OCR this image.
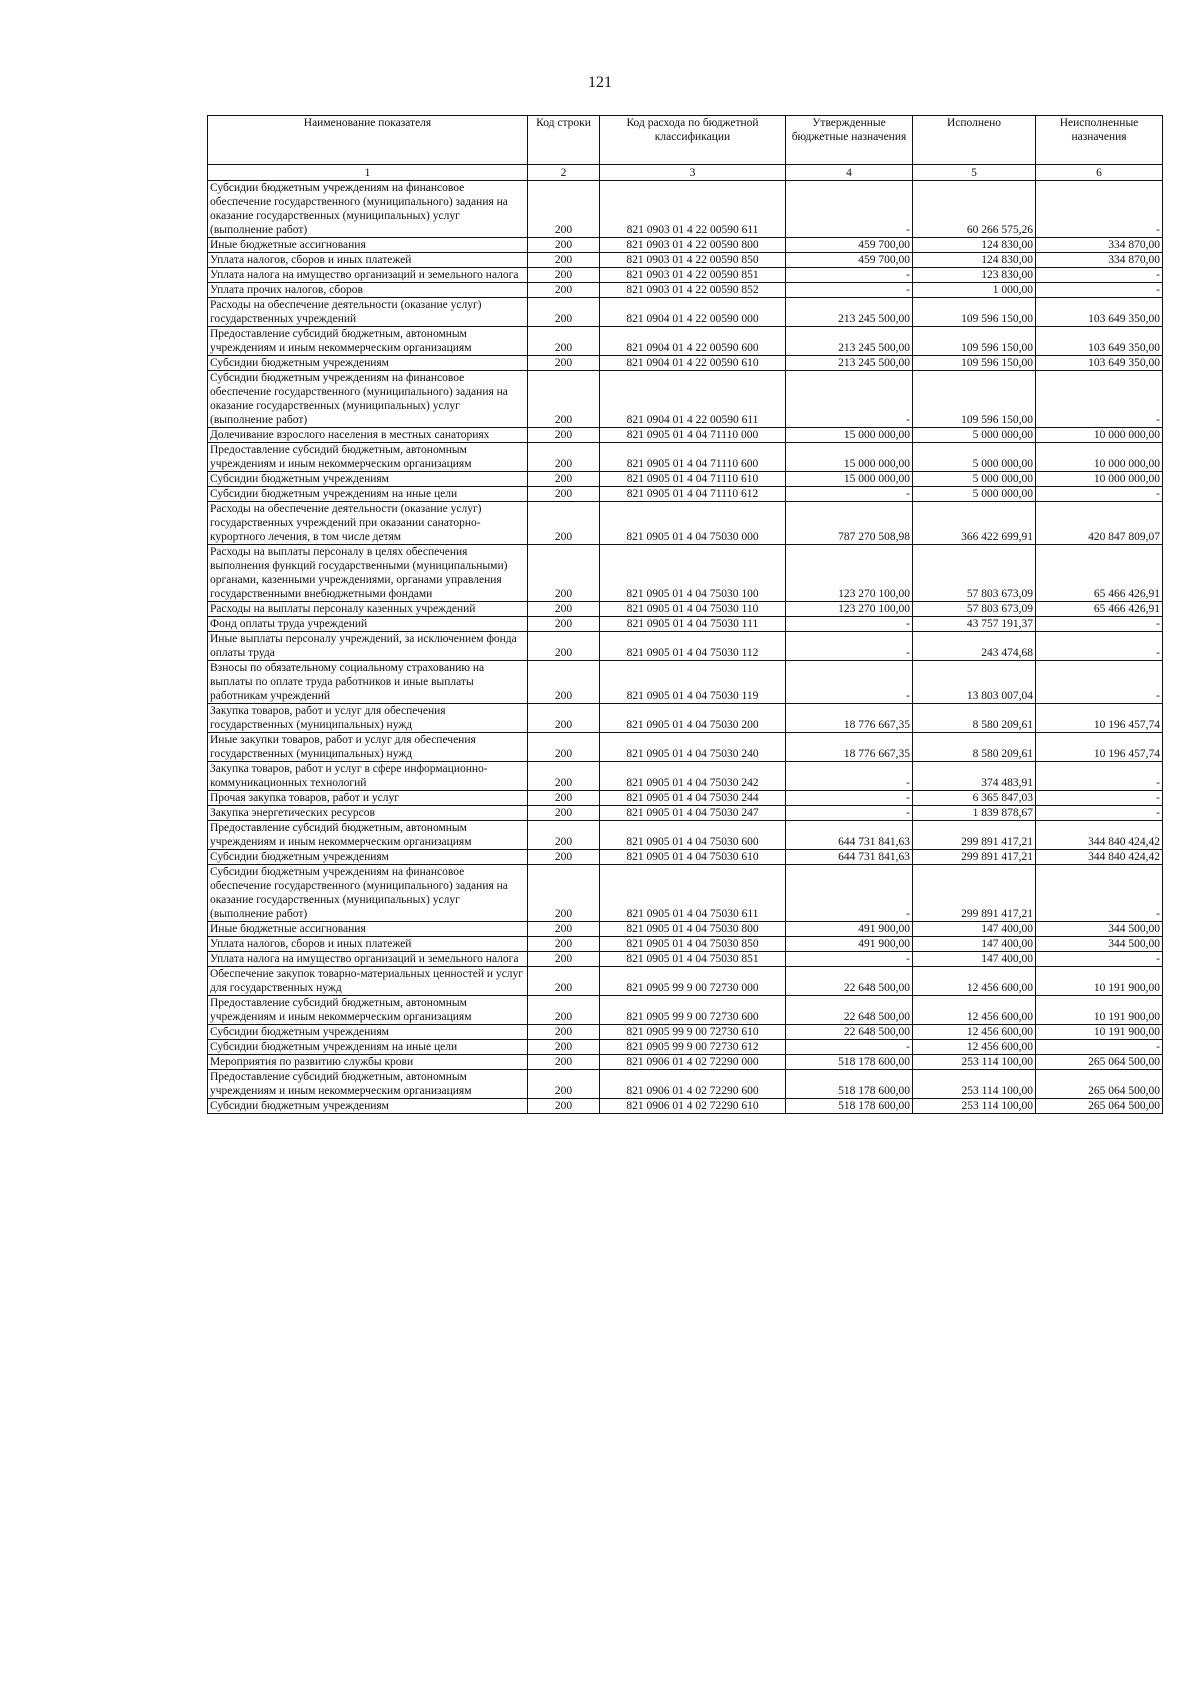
121
Наименование показателя	Код строки	Код расхода по бюджетной классификации	Утвержденные бюджетные назначения	Исполнено	Неисполненные назначения
1	2	3	4	5	6
Субсидии бюджетным учреждениям на финансовое обеспечение государственного (муниципального) задания на оказание государственных (муниципальных) услуг (выполнение работ)	200	821 0903 01 4 22 00590 611	-	60 266 575,26	-
Иные бюджетные ассигнования	200	821 0903 01 4 22 00590 800	459 700,00	124 830,00	334 870,00
Уплата налогов, сборов и иных платежей	200	821 0903 01 4 22 00590 850	459 700,00	124 830,00	334 870,00
Уплата налога на имущество организаций и земельного налога	200	821 0903 01 4 22 00590 851	-	123 830,00	-
Уплата прочих налогов, сборов	200	821 0903 01 4 22 00590 852	-	1 000,00	-
Расходы на обеспечение деятельности (оказание услуг) государственных учреждений	200	821 0904 01 4 22 00590 000	213 245 500,00	109 596 150,00	103 649 350,00
Предоставление субсидий бюджетным, автономным учреждениям и иным некоммерческим организациям	200	821 0904 01 4 22 00590 600	213 245 500,00	109 596 150,00	103 649 350,00
Субсидии бюджетным учреждениям	200	821 0904 01 4 22 00590 610	213 245 500,00	109 596 150,00	103 649 350,00
Субсидии бюджетным учреждениям на финансовое обеспечение государственного (муниципального) задания на оказание государственных (муниципальных) услуг (выполнение работ)	200	821 0904 01 4 22 00590 611	-	109 596 150,00	-
Долечивание взрослого населения в местных санаториях	200	821 0905 01 4 04 71110 000	15 000 000,00	5 000 000,00	10 000 000,00
Предоставление субсидий бюджетным, автономным учреждениям и иным некоммерческим организациям	200	821 0905 01 4 04 71110 600	15 000 000,00	5 000 000,00	10 000 000,00
Субсидии бюджетным учреждениям	200	821 0905 01 4 04 71110 610	15 000 000,00	5 000 000,00	10 000 000,00
Субсидии бюджетным учреждениям на иные цели	200	821 0905 01 4 04 71110 612	-	5 000 000,00	-
Расходы на обеспечение деятельности (оказание услуг) государственных учреждений при оказании санаторно-курортного лечения, в том числе детям	200	821 0905 01 4 04 75030 000	787 270 508,98	366 422 699,91	420 847 809,07
Расходы на выплаты персоналу в целях обеспечения выполнения функций государственными (муниципальными) органами, казенными учреждениями, органами управления государственными внебюджетными фондами	200	821 0905 01 4 04 75030 100	123 270 100,00	57 803 673,09	65 466 426,91
Расходы на выплаты персоналу казенных учреждений	200	821 0905 01 4 04 75030 110	123 270 100,00	57 803 673,09	65 466 426,91
Фонд оплаты труда учреждений	200	821 0905 01 4 04 75030 111	-	43 757 191,37	-
Иные выплаты персоналу учреждений, за исключением фонда оплаты труда	200	821 0905 01 4 04 75030 112	-	243 474,68	-
Взносы по обязательному социальному страхованию на выплаты по оплате труда работников и иные выплаты работникам учреждений	200	821 0905 01 4 04 75030 119	-	13 803 007,04	-
Закупка товаров, работ и услуг для обеспечения государственных (муниципальных) нужд	200	821 0905 01 4 04 75030 200	18 776 667,35	8 580 209,61	10 196 457,74
Иные закупки товаров, работ и услуг для обеспечения государственных (муниципальных) нужд	200	821 0905 01 4 04 75030 240	18 776 667,35	8 580 209,61	10 196 457,74
Закупка товаров, работ и услуг в сфере информационно-коммуникационных технологий	200	821 0905 01 4 04 75030 242	-	374 483,91	-
Прочая закупка товаров, работ и услуг	200	821 0905 01 4 04 75030 244	-	6 365 847,03	-
Закупка энергетических ресурсов	200	821 0905 01 4 04 75030 247	-	1 839 878,67	-
Предоставление субсидий бюджетным, автономным учреждениям и иным некоммерческим организациям	200	821 0905 01 4 04 75030 600	644 731 841,63	299 891 417,21	344 840 424,42
Субсидии бюджетным учреждениям	200	821 0905 01 4 04 75030 610	644 731 841,63	299 891 417,21	344 840 424,42
Субсидии бюджетным учреждениям на финансовое обеспечение государственного (муниципального) задания на оказание государственных (муниципальных) услуг (выполнение работ)	200	821 0905 01 4 04 75030 611	-	299 891 417,21	-
Иные бюджетные ассигнования	200	821 0905 01 4 04 75030 800	491 900,00	147 400,00	344 500,00
Уплата налогов, сборов и иных платежей	200	821 0905 01 4 04 75030 850	491 900,00	147 400,00	344 500,00
Уплата налога на имущество организаций и земельного налога	200	821 0905 01 4 04 75030 851	-	147 400,00	-
Обеспечение закупок товарно-материальных ценностей и услуг для государственных нужд	200	821 0905 99 9 00 72730 000	22 648 500,00	12 456 600,00	10 191 900,00
Предоставление субсидий бюджетным, автономным учреждениям и иным некоммерческим организациям	200	821 0905 99 9 00 72730 600	22 648 500,00	12 456 600,00	10 191 900,00
Субсидии бюджетным учреждениям	200	821 0905 99 9 00 72730 610	22 648 500,00	12 456 600,00	10 191 900,00
Субсидии бюджетным учреждениям на иные цели	200	821 0905 99 9 00 72730 612	-	12 456 600,00	-
Мероприятия по развитию службы крови	200	821 0906 01 4 02 72290 000	518 178 600,00	253 114 100,00	265 064 500,00
Предоставление субсидий бюджетным, автономным учреждениям и иным некоммерческим организациям	200	821 0906 01 4 02 72290 600	518 178 600,00	253 114 100,00	265 064 500,00
Субсидии бюджетным учреждениям	200	821 0906 01 4 02 72290 610	518 178 600,00	253 114 100,00	265 064 500,00
